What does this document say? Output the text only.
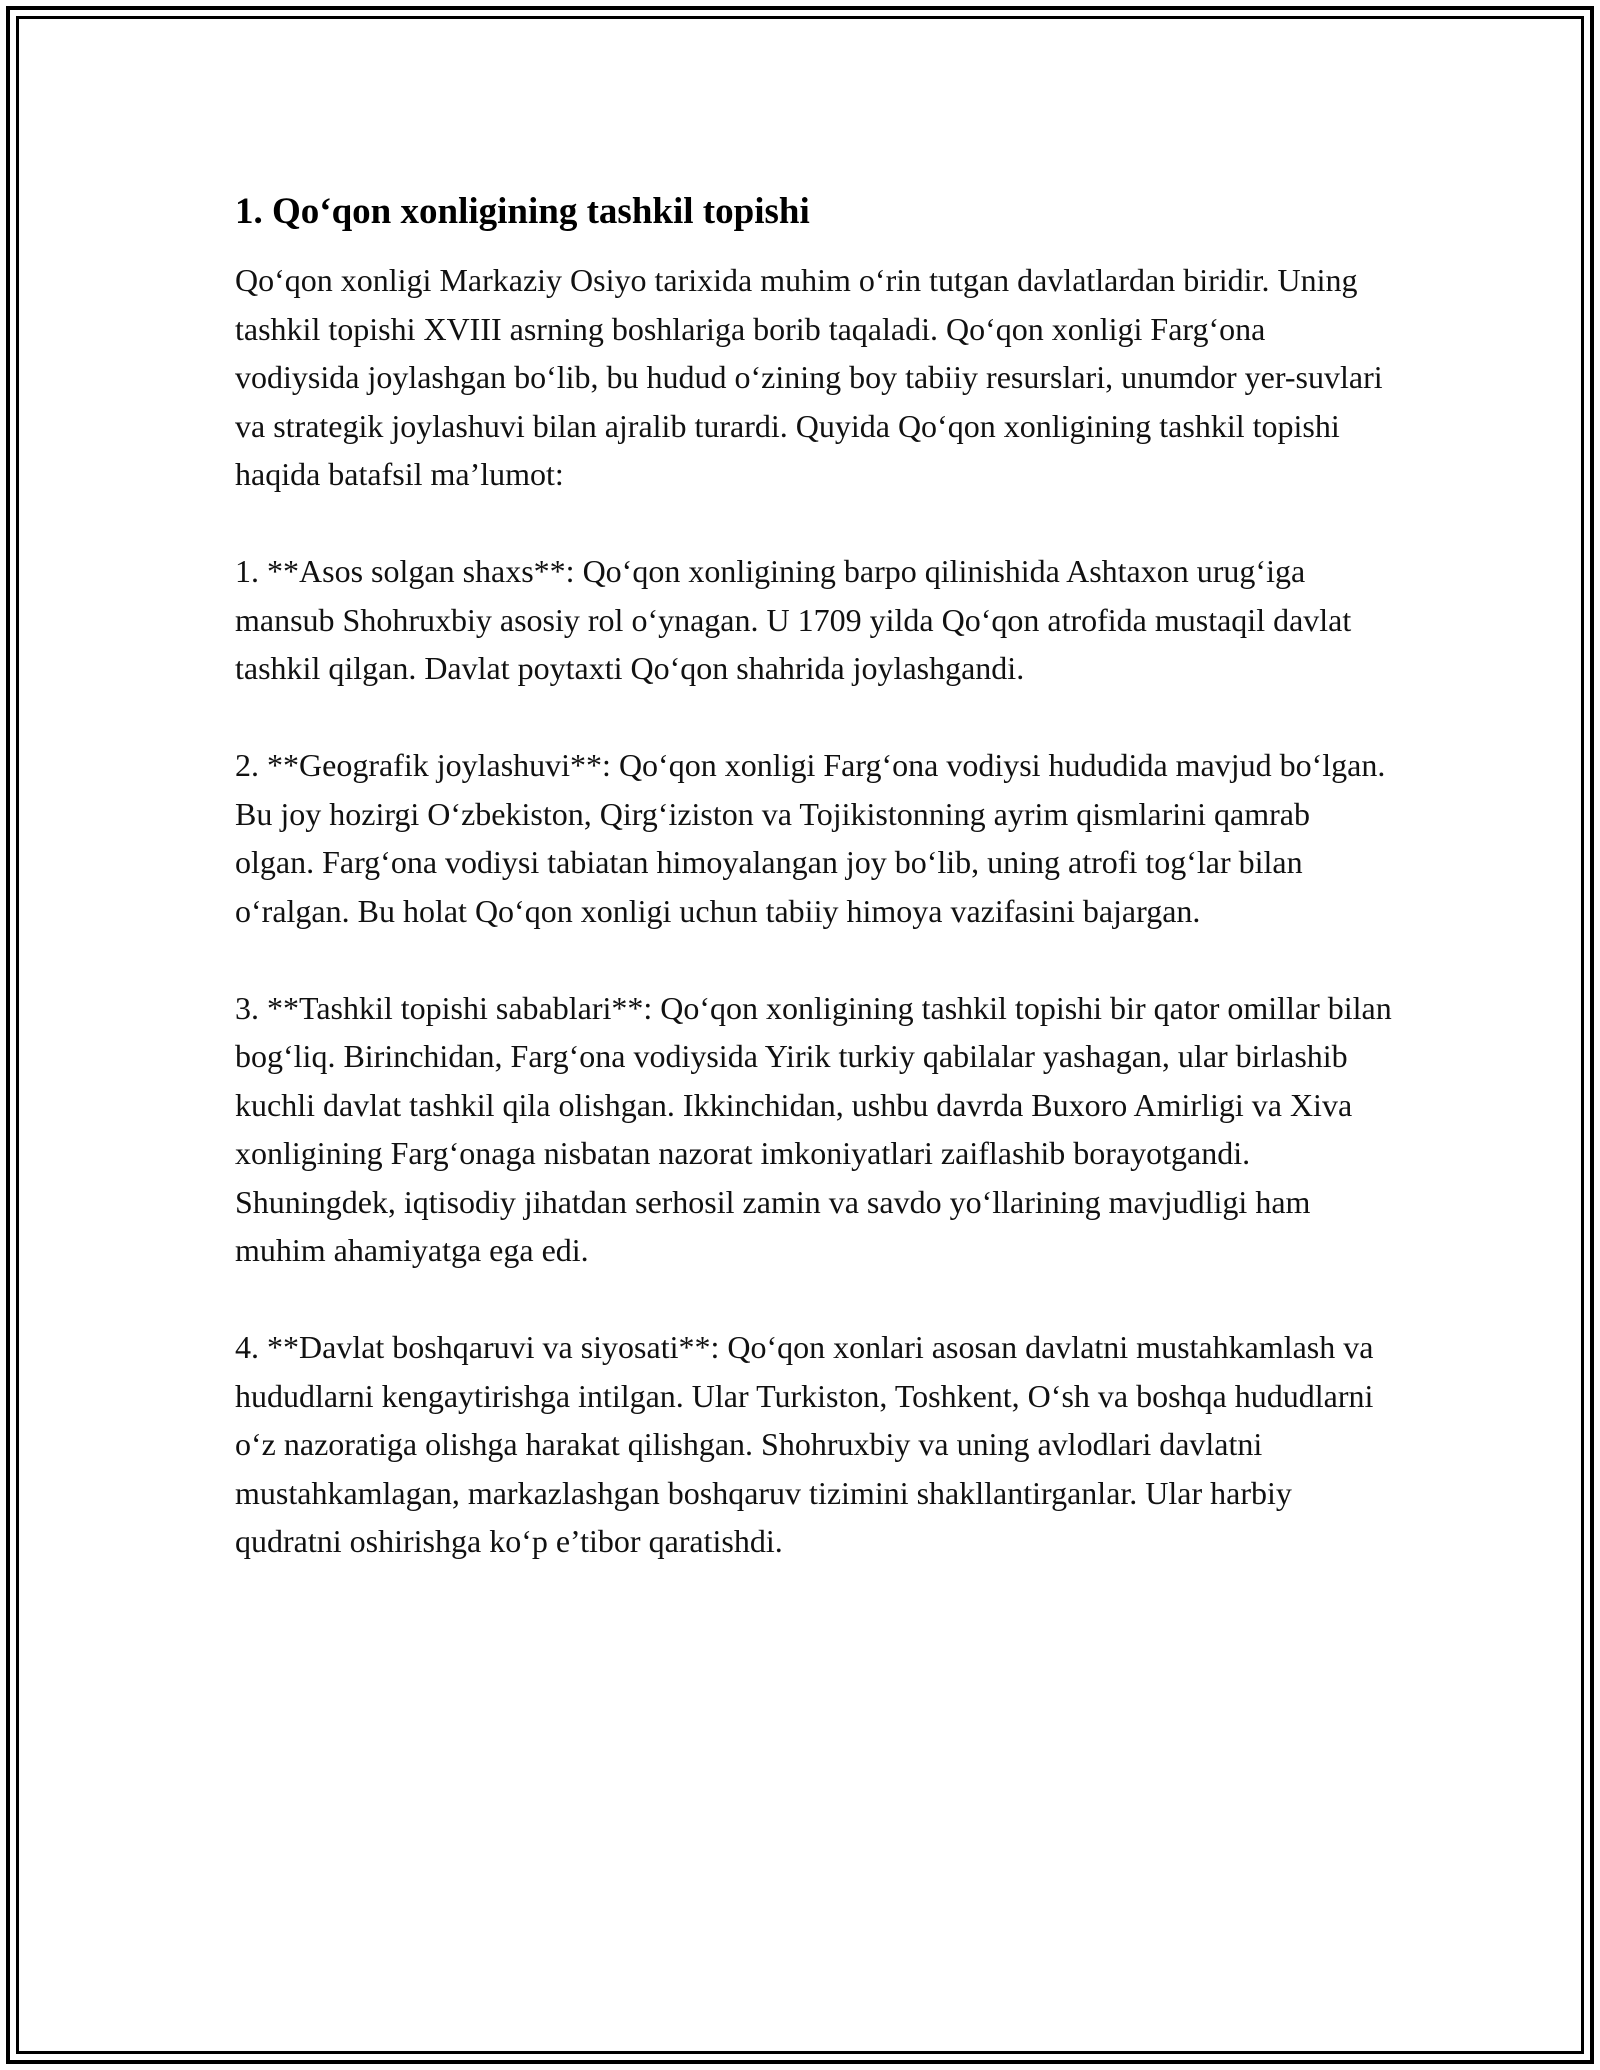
1. Qo‘qon xonligining tashkil topishi

Qo‘qon xonligi Markaziy Osiyo tarixida muhim o‘rin tutgan davlatlardan biridir. Uning tashkil topishi XVIII asrning boshlariga borib taqaladi. Qo‘qon xonligi Farg‘ona vodiysida joylashgan bo‘lib, bu hudud o‘zining boy tabiiy resurslari, unumdor yer-suvlari va strategik joylashuvi bilan ajralib turardi. Quyida Qo‘qon xonligining tashkil topishi haqida batafsil ma’lumot:

1. **Asos solgan shaxs**: Qo‘qon xonligining barpo qilinishida Ashtaxon urug‘iga mansub Shohruxbiy asosiy rol o‘ynagan. U 1709 yilda Qo‘qon atrofida mustaqil davlat tashkil qilgan. Davlat poytaxti Qo‘qon shahrida joylashgandi.

2. **Geografik joylashuvi**: Qo‘qon xonligi Farg‘ona vodiysi hududida mavjud bo‘lgan. Bu joy hozirgi O‘zbekiston, Qirg‘iziston va Tojikistonning ayrim qismlarini qamrab olgan. Farg‘ona vodiysi tabiatan himoyalangan joy bo‘lib, uning atrofi tog‘lar bilan o‘ralgan. Bu holat Qo‘qon xonligi uchun tabiiy himoya vazifasini bajargan.

3. **Tashkil topishi sabablari**: Qo‘qon xonligining tashkil topishi bir qator omillar bilan bog‘liq. Birinchidan, Farg‘ona vodiysida Yirik turkiy qabilalar yashagan, ular birlashib kuchli davlat tashkil qila olishgan. Ikkinchidan, ushbu davrda Buxoro Amirligi va Xiva xonligining Farg‘onaga nisbatan nazorat imkoniyatlari zaiflashib borayotgandi. Shuningdek, iqtisodiy jihatdan serhosil zamin va savdo yo‘llarining mavjudligi ham muhim ahamiyatga ega edi.

4. **Davlat boshqaruvi va siyosati**: Qo‘qon xonlari asosan davlatni mustahkamlash va hududlarni kengaytirishga intilgan. Ular Turkiston, Toshkent, O‘sh va boshqa hududlarni o‘z nazoratiga olishga harakat qilishgan. Shohruxbiy va uning avlodlari davlatni mustahkamlagan, markazlashgan boshqaruv tizimini shakllantirganlar. Ular harbiy qudratni oshirishga ko‘p e’tibor qaratishdi.
